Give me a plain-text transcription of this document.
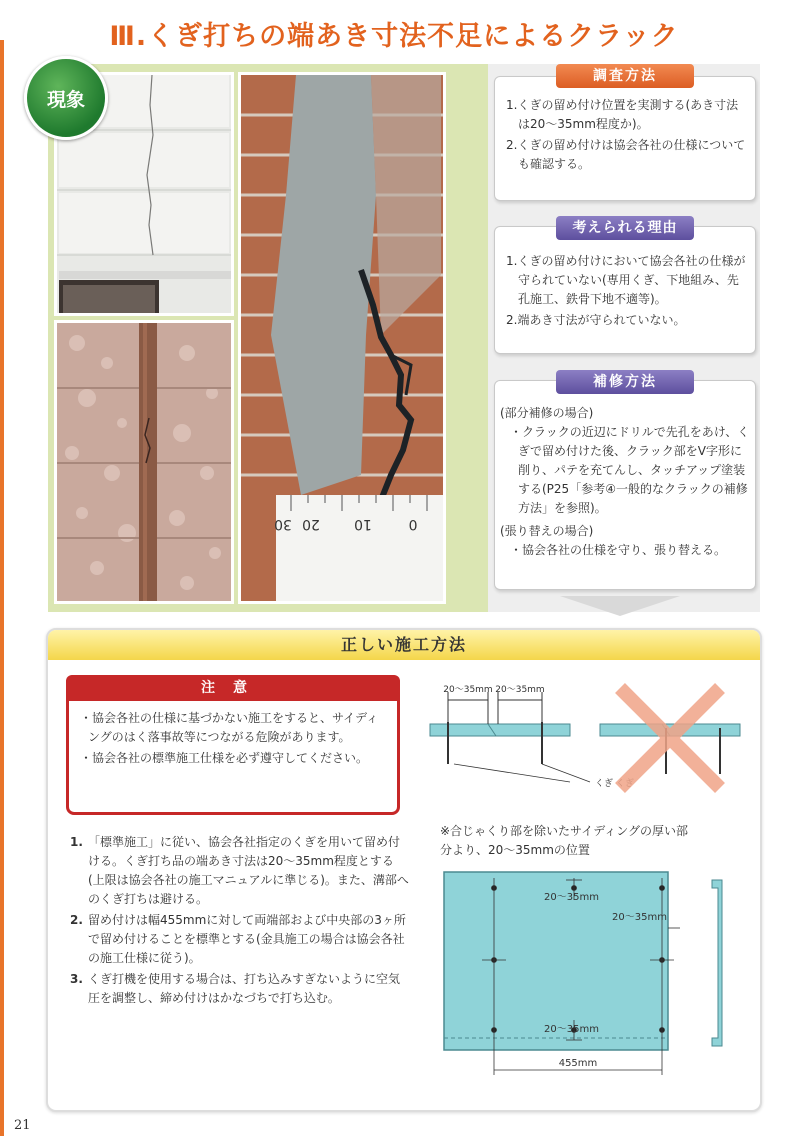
Ⅲ.くぎ打ちの端あき寸法不足によるクラック
30 20 10	0
現象
調査方法
1.くぎの留め付け位置を実測する(あき寸法は20～35mm程度か)。
2.くぎの留め付けは協会各社の仕様についても確認する。
考えられる理由
1.くぎの留め付けにおいて協会各社の仕様が守られていない(専用くぎ、下地組み、先孔施工、鉄骨下地不適等)。
2.端あき寸法が守られていない。
補修方法
(部分補修の場合)
・クラックの近辺にドリルで先孔をあけ、くぎで留め付けた後、クラック部をV字形に削り、パテを充てんし、タッチアップ塗装する(P25「参考④一般的なクラックの補修方法」を参照)。
(張り替えの場合)
・協会各社の仕様を守り、張り替える。
正しい施工方法
注意
・協会各社の仕様に基づかない施工をすると、サイディングのはく落事故等につながる危険があります。
・協会各社の標準施工仕様を必ず遵守してください。
1. 「標準施工」に従い、協会各社指定のくぎを用いて留め付ける。くぎ打ち品の端あき寸法は20～35mm程度とする(上限は協会各社の施工マニュアルに準じる)。また、溝部へのくぎ打ちは避ける。
2. 留め付けは幅455mmに対して両端部および中央部の3ヶ所で留め付けることを標準とする(金具施工の場合は協会各社の施工仕様に従う)。
3. くぎ打機を使用する場合は、打ち込みすぎないように空気圧を調整し、締め付けはかなづちで打ち込む。
20～35mm 20～35mm
くぎ くぎ
※合じゃくり部を除いたサイディングの厚い部分より、20～35mmの位置
20～35mm
20～35mm
20～35mm
455mm
21
